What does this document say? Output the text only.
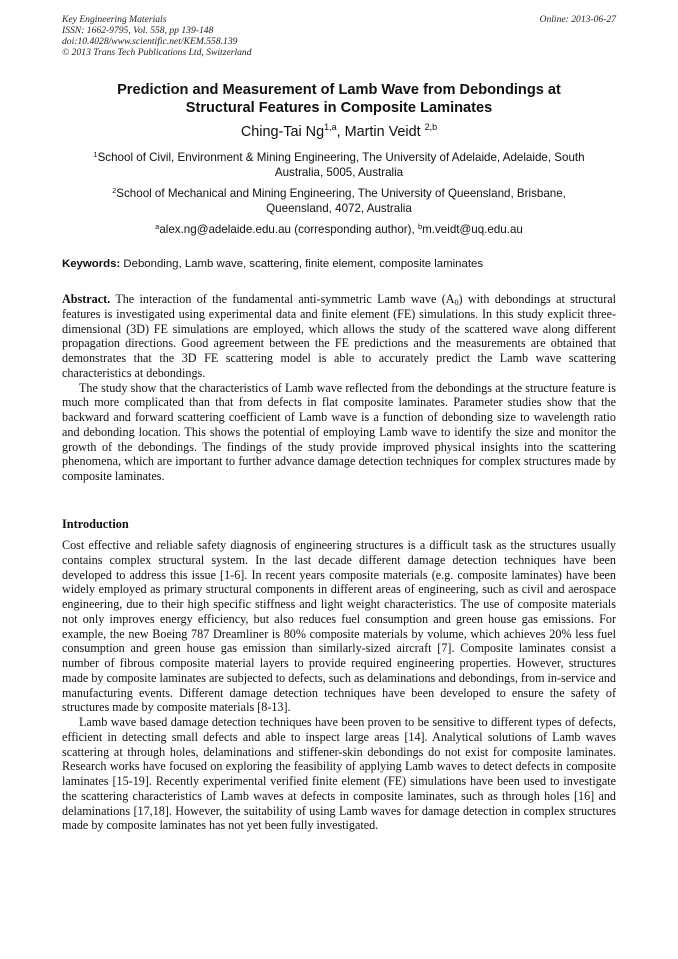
Key Engineering Materials
ISSN: 1662-9795, Vol. 558, pp 139-148
doi:10.4028/www.scientific.net/KEM.558.139
© 2013 Trans Tech Publications Ltd, Switzerland
Online: 2013-06-27
Prediction and Measurement of Lamb Wave from Debondings at
Structural Features in Composite Laminates
Ching-Tai Ng$^{1,a}$, Martin Veidt $^{2,b}$
$^1$School of Civil, Environment & Mining Engineering, The University of Adelaide, Adelaide, South
Australia, 5005, Australia
$^2$School of Mechanical and Mining Engineering, The University of Queensland, Brisbane,
Queensland, 4072, Australia
$^a$alex.ng@adelaide.edu.au (corresponding author), $^b$m.veidt@uq.edu.au
Keywords: Debonding, Lamb wave, scattering, finite element, composite laminates

Abstract. The interaction of the fundamental anti-symmetric Lamb wave $(A_0)$ with debondings at structural features is investigated using experimental data and finite element (FE) simulations. In this study explicit three-dimensional (3D) FE simulations are employed, which allows the study of the scattered wave along different propagation directions. Good agreement between the FE predictions and the measurements are obtained that demonstrates that the 3D FE scattering model is able to accurately predict the Lamb wave scattering characteristics at debondings.

The study show that the characteristics of Lamb wave reflected from the debondings at the structure feature is much more complicated than that from defects in flat composite laminates. Parameter studies show that the backward and forward scattering coefficient of Lamb wave is a function of debonding size to wavelength ratio and debonding location. This shows the potential of employing Lamb wave to identify the size and monitor the growth of the debondings. The findings of the study provide improved physical insights into the scattering phenomena, which are important to further advance damage detection techniques for complex structures made by composite laminates.

Introduction

Cost effective and reliable safety diagnosis of engineering structures is a difficult task as the structures usually contains complex structural system. In the last decade different damage detection techniques have been developed to address this issue [1-6]. In recent years composite materials (e.g. composite laminates) have been widely employed as primary structural components in different areas of engineering, such as civil and aerospace engineering, due to their high specific stiffness and light weight characteristics. The use of composite materials not only improves energy efficiency, but also reduces fuel consumption and green house gas emissions. For example, the new Boeing 787 Dreamliner is 80% composite materials by volume, which achieves 20% less fuel consumption and green house gas emission than similarly-sized aircraft [7]. Composite laminates consist a number of fibrous composite material layers to provide required engineering properties. However, structures made by composite laminates are subjected to defects, such as delaminations and debondings, from in-service and manufacturing events. Different damage detection techniques have been developed to ensure the safety of structures made by composite materials [8-13].

Lamb wave based damage detection techniques have been proven to be sensitive to different types of defects, efficient in detecting small defects and able to inspect large areas [14]. Analytical solutions of Lamb waves scattering at through holes, delaminations and stiffener-skin debondings do not exist for composite laminates. Research works have focused on exploring the feasibility of applying Lamb waves to detect defects in composite laminates [15-19]. Recently experimental verified finite element (FE) simulations have been used to investigate the scattering characteristics of Lamb waves at defects in composite laminates, such as through holes [16] and delaminations [17,18]. However, the suitability of using Lamb waves for damage detection in complex structures made by composite laminates has not yet been fully investigated.
